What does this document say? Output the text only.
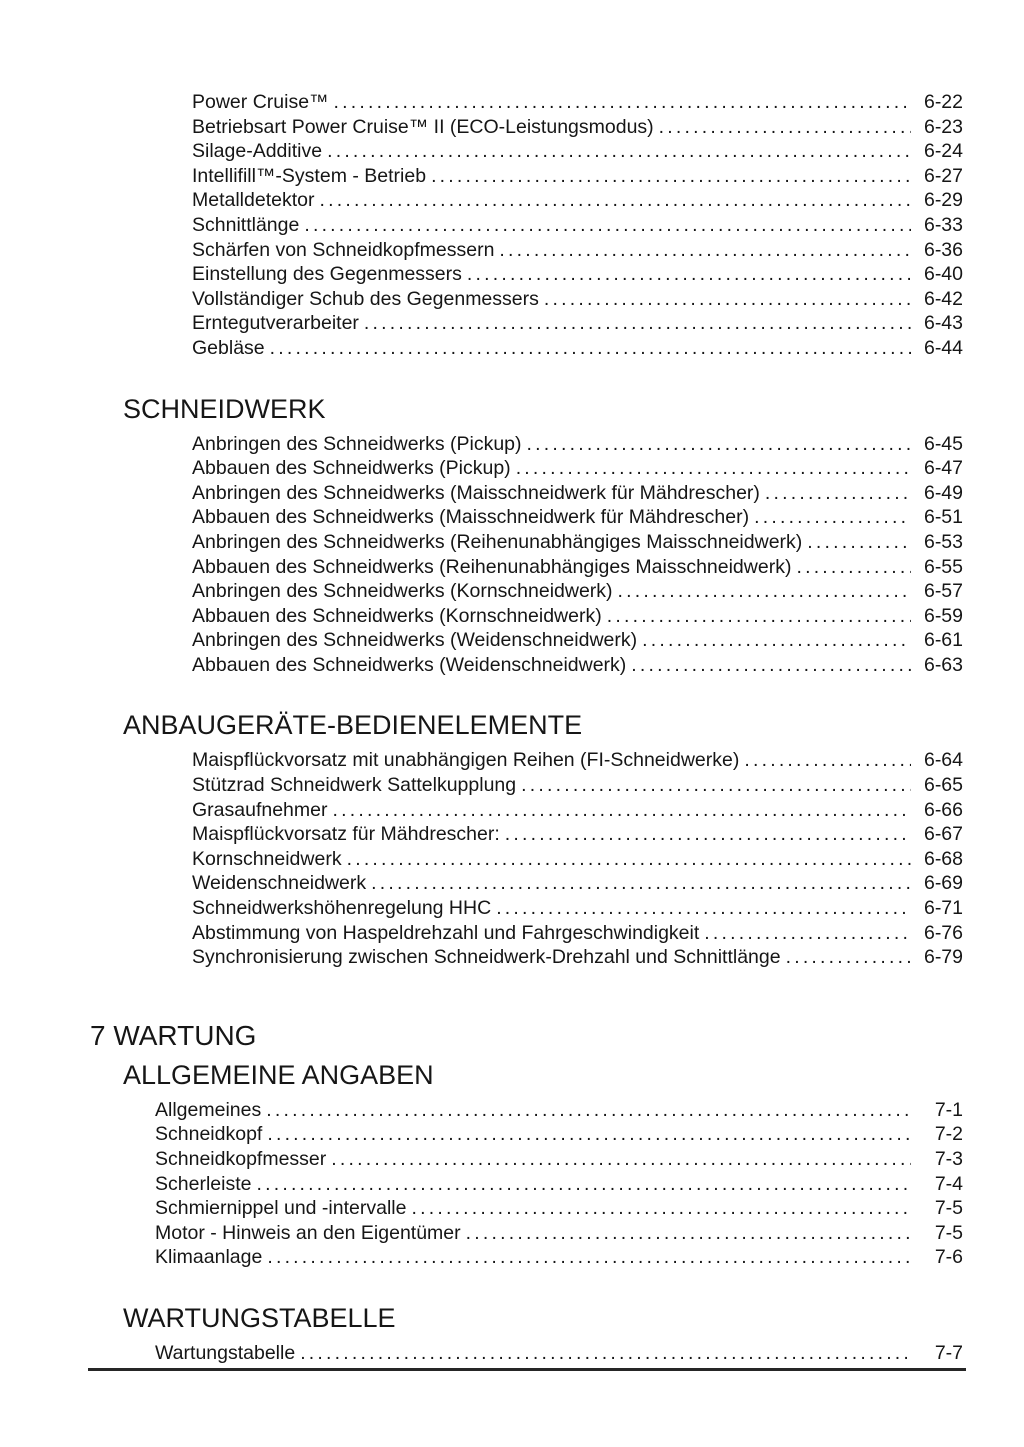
Power Cruise™ .....	6-22
Betriebsart Power Cruise™ II (ECO-Leistungsmodus) .....	6-23
Silage-Additive .....	6-24
Intellifill™-System - Betrieb .....	6-27
Metalldetektor .....	6-29
Schnittlänge .....	6-33
Schärfen von Schneidkopfmessern .....	6-36
Einstellung des Gegenmessers .....	6-40
Vollständiger Schub des Gegenmessers .....	6-42
Erntegutverarbeiter .....	6-43
Gebläse .....	6-44
SCHNEIDWERK
Anbringen des Schneidwerks (Pickup) .....	6-45
Abbauen des Schneidwerks (Pickup) .....	6-47
Anbringen des Schneidwerks (Maisschneidwerk für Mähdrescher) .....	6-49
Abbauen des Schneidwerks (Maisschneidwerk für Mähdrescher) .....	6-51
Anbringen des Schneidwerks (Reihenunabhängiges Maisschneidwerk) .....	6-53
Abbauen des Schneidwerks (Reihenunabhängiges Maisschneidwerk) .....	6-55
Anbringen des Schneidwerks (Kornschneidwerk) .....	6-57
Abbauen des Schneidwerks (Kornschneidwerk) .....	6-59
Anbringen des Schneidwerks (Weidenschneidwerk) .....	6-61
Abbauen des Schneidwerks (Weidenschneidwerk) .....	6-63
ANBAUGERÄTE-BEDIENELEMENTE
Maispflückvorsatz mit unabhängigen Reihen (FI-Schneidwerke) .....	6-64
Stützrad Schneidwerk Sattelkupplung .....	6-65
Grasaufnehmer .....	6-66
Maispflückvorsatz für Mähdrescher: .....	6-67
Kornschneidwerk .....	6-68
Weidenschneidwerk .....	6-69
Schneidwerkshöhenregelung HHC .....	6-71
Abstimmung von Haspeldrehzahl und Fahrgeschwindigkeit .....	6-76
Synchronisierung zwischen Schneidwerk-Drehzahl und Schnittlänge .....	6-79
7 WARTUNG
ALLGEMEINE ANGABEN
Allgemeines .....	7-1
Schneidkopf .....	7-2
Schneidkopfmesser .....	7-3
Scherleiste .....	7-4
Schmiernippel und -intervalle .....	7-5
Motor - Hinweis an den Eigentümer .....	7-5
Klimaanlage .....	7-6
WARTUNGSTABELLE
Wartungstabelle .....	7-7
